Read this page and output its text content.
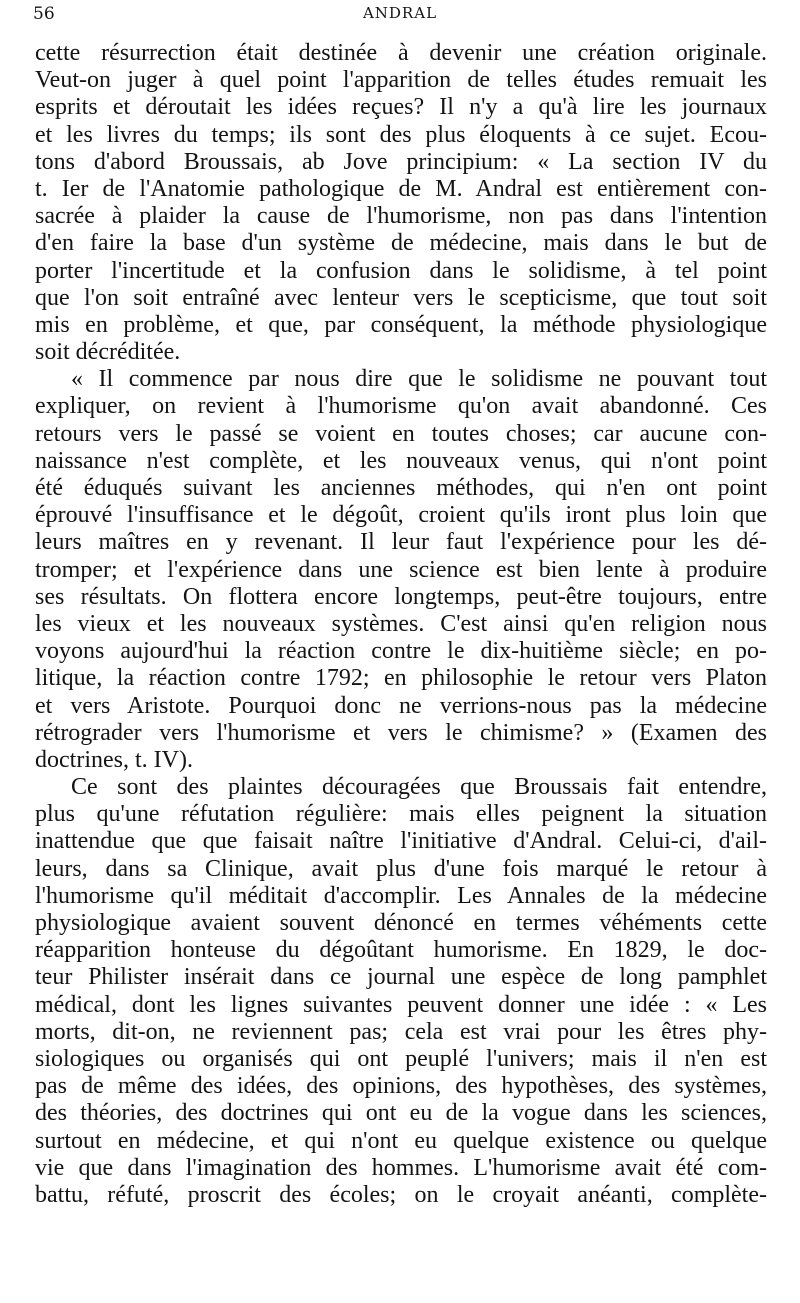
56	ANDRAL
cette résurrection était destinée à devenir une création originale.
Veut-on juger à quel point l'apparition de telles études remuait les
esprits et déroutait les idées reçues? Il n'y a qu'à lire les journaux
et les livres du temps; ils sont des plus éloquents à ce sujet. Ecou-
tons d'abord Broussais, ab Jove principium: « La section IV du
t. Ier de l'Anatomie pathologique de M. Andral est entièrement con-
sacrée à plaider la cause de l'humorisme, non pas dans l'intention
d'en faire la base d'un système de médecine, mais dans le but de
porter l'incertitude et la confusion dans le solidisme, à tel point
que l'on soit entraîné avec lenteur vers le scepticisme, que tout soit
mis en problème, et que, par conséquent, la méthode physiologique
soit décréditée.
« Il commence par nous dire que le solidisme ne pouvant tout
expliquer, on revient à l'humorisme qu'on avait abandonné. Ces
retours vers le passé se voient en toutes choses; car aucune con-
naissance n'est complète, et les nouveaux venus, qui n'ont point
été éduqués suivant les anciennes méthodes, qui n'en ont point
éprouvé l'insuffisance et le dégoût, croient qu'ils iront plus loin que
leurs maîtres en y revenant. Il leur faut l'expérience pour les dé-
tromper; et l'expérience dans une science est bien lente à produire
ses résultats. On flottera encore longtemps, peut-être toujours, entre
les vieux et les nouveaux systèmes. C'est ainsi qu'en religion nous
voyons aujourd'hui la réaction contre le dix-huitième siècle; en po-
litique, la réaction contre 1792; en philosophie le retour vers Platon
et vers Aristote. Pourquoi donc ne verrions-nous pas la médecine
rétrograder vers l'humorisme et vers le chimisme? » (Examen des
doctrines, t. IV).
Ce sont des plaintes découragées que Broussais fait entendre,
plus qu'une réfutation régulière: mais elles peignent la situation
inattendue que que faisait naître l'initiative d'Andral. Celui-ci, d'ail-
leurs, dans sa Clinique, avait plus d'une fois marqué le retour à
l'humorisme qu'il méditait d'accomplir. Les Annales de la médecine
physiologique avaient souvent dénoncé en termes véhéments cette
réapparition honteuse du dégoûtant humorisme. En 1829, le doc-
teur Philister insérait dans ce journal une espèce de long pamphlet
médical, dont les lignes suivantes peuvent donner une idée : « Les
morts, dit-on, ne reviennent pas; cela est vrai pour les êtres phy-
siologiques ou organisés qui ont peuplé l'univers; mais il n'en est
pas de même des idées, des opinions, des hypothèses, des systèmes,
des théories, des doctrines qui ont eu de la vogue dans les sciences,
surtout en médecine, et qui n'ont eu quelque existence ou quelque
vie que dans l'imagination des hommes. L'humorisme avait été com-
battu, réfuté, proscrit des écoles; on le croyait anéanti, complète-
